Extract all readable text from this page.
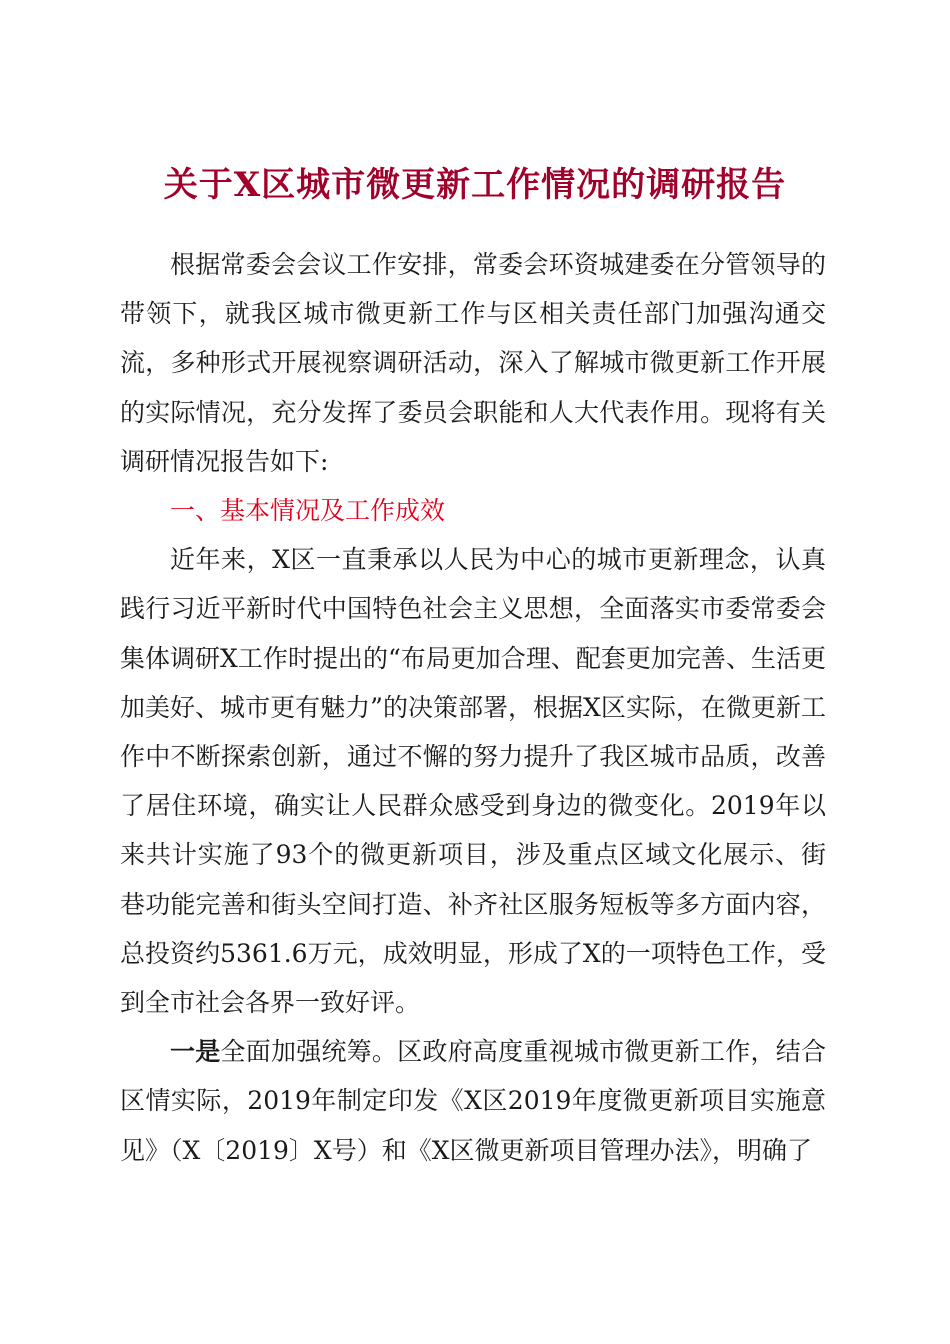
关于X区城市微更新工作情况的调研报告

根据常委会会议工作安排，常委会环资城建委在分管领导的带领下，就我区城市微更新工作与区相关责任部门加强沟通交流，多种形式开展视察调研活动，深入了解城市微更新工作开展的实际情况，充分发挥了委员会职能和人大代表作用。现将有关调研情况报告如下:

一、基本情况及工作成效

近年来，X区一直秉承以人民为中心的城市更新理念，认真践行习近平新时代中国特色社会主义思想，全面落实市委常委会集体调研X工作时提出的“布局更加合理、配套更加完善、生活更加美好、城市更有魅力”的决策部署，根据X区实际，在微更新工作中不断探索创新，通过不懈的努力提升了我区城市品质，改善了居住环境，确实让人民群众感受到身边的微变化。2019年以来共计实施了93个的微更新项目，涉及重点区域文化展示、街巷功能完善和街头空间打造、补齐社区服务短板等多方面内容，总投资约5361.6万元，成效明显，形成了X的一项特色工作，受到全市社会各界一致好评。

一是全面加强统筹。区政府高度重视城市微更新工作，结合区情实际，2019年制定印发《X区2019年度微更新项目实施意见》（X〔2019〕X号）和《X区微更新项目管理办法》，明确了
